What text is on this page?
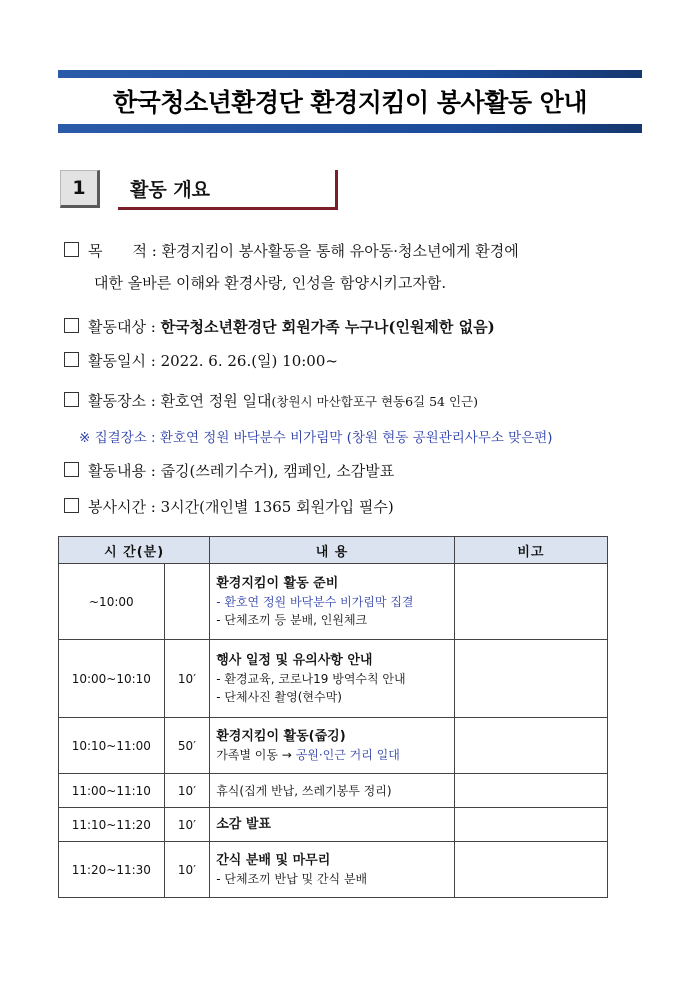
한국청소년환경단 환경지킴이 봉사활동 안내
1	활동 개요
목　　적 : 환경지킴이 봉사활동을 통해 유아동·청소년에게 환경에
대한 올바른 이해와 환경사랑, 인성을 함양시키고자함.
활동대상 : 한국청소년환경단 회원가족 누구나(인원제한 없음)
활동일시 : 2022. 6. 26.(일) 10:00~
활동장소 : 환호연 정원 일대(창원시 마산합포구 현동6길 54 인근)
※ 집결장소 : 환호연 정원 바닥분수 비가림막 (창원 현동 공원관리사무소 맞은편)
활동내용 : 줍깅(쓰레기수거), 캠페인, 소감발표
봉사시간 : 3시간(개인별 1365 회원가입 필수)
시 간(분)		내 용	비고
~10:00		환경지킴이 활동 준비
- 환호연 정원 바닥분수 비가림막 집결
- 단체조끼 등 분배, 인원체크	

10:00~10:10	10′	행사 일정 및 유의사항 안내
- 환경교육, 코로나19 방역수칙 안내
- 단체사진 촬영(현수막)	

10:10~11:00	50′	환경지킴이 활동(줍깅)
가족별 이동 → 공원·인근 거리 일대	

11:00~11:10	10′	휴식(집게 반납, 쓰레기봉투 정리)	

11:10~11:20	10′	소감 발표	

11:20~11:30	10′	간식 분배 및 마무리
- 단체조끼 반납 및 간식 분배	
